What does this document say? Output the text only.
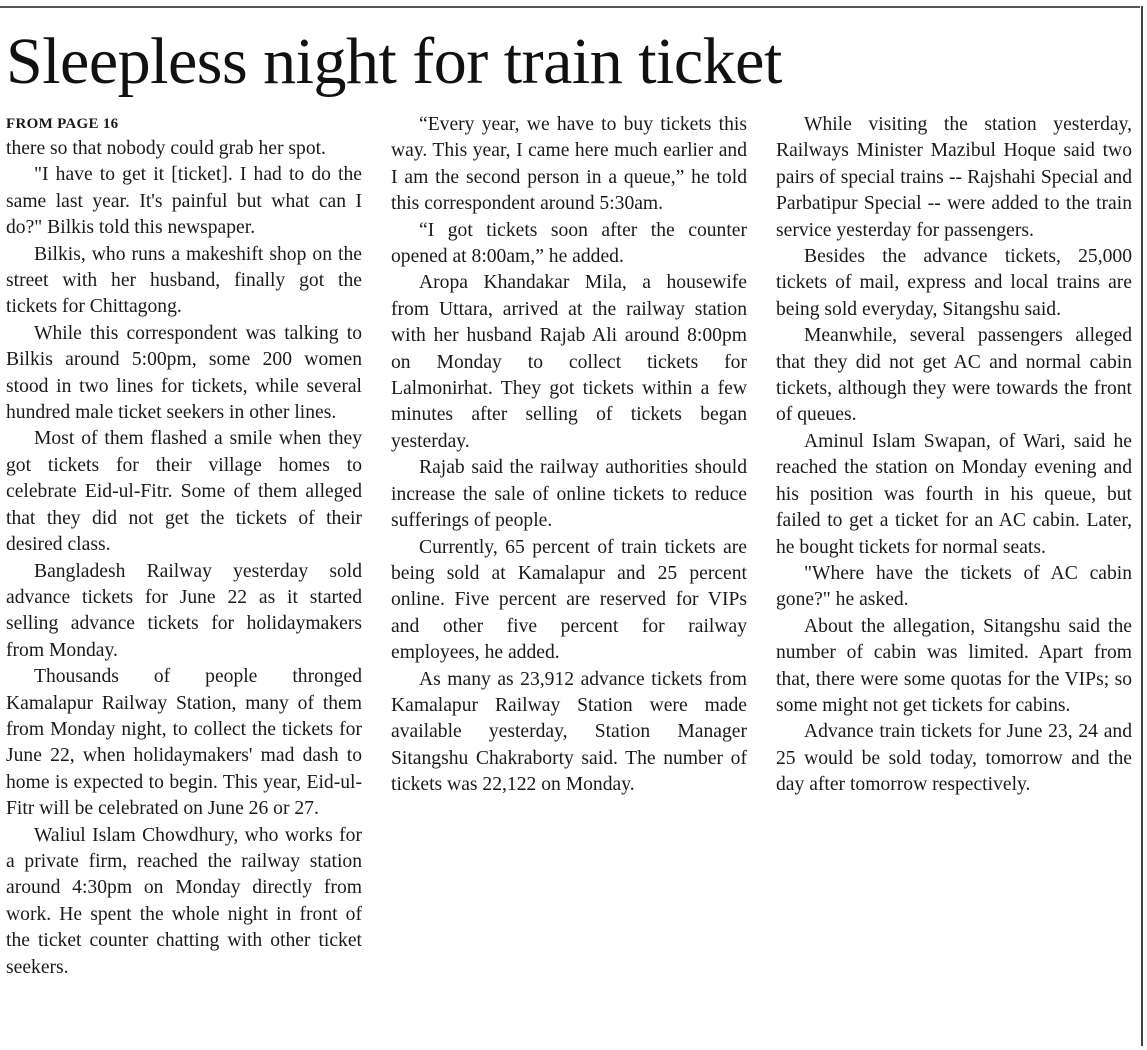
Sleepless night for train ticket
FROM PAGE 16

there so that nobody could grab her spot.

"I have to get it [ticket]. I had to do the same last year. It's painful but what can I do?" Bilkis told this newspaper.

Bilkis, who runs a makeshift shop on the street with her husband, finally got the tickets for Chittagong.

While this correspondent was talking to Bilkis around 5:00pm, some 200 women stood in two lines for tickets, while several hundred male ticket seekers in other lines.

Most of them flashed a smile when they got tickets for their village homes to celebrate Eid-ul-Fitr. Some of them alleged that they did not get the tickets of their desired class.

Bangladesh Railway yesterday sold advance tickets for June 22 as it started selling advance tickets for holidaymakers from Monday.

Thousands of people thronged Kamalapur Railway Station, many of them from Monday night, to collect the tickets for June 22, when holidaymakers' mad dash to home is expected to begin. This year, Eid-ul-Fitr will be celebrated on June 26 or 27.

Waliul Islam Chowdhury, who works for a private firm, reached the railway station around 4:30pm on Monday directly from work. He spent the whole night in front of the ticket counter chatting with other ticket seekers.

“Every year, we have to buy tickets this way. This year, I came here much earlier and I am the second person in a queue,” he told this correspondent around 5:30am.

“I got tickets soon after the counter opened at 8:00am,” he added.

Aropa Khandakar Mila, a housewife from Uttara, arrived at the railway station with her husband Rajab Ali around 8:00pm on Monday to collect tickets for Lalmonirhat. They got tickets within a few minutes after selling of tickets began yesterday.

Rajab said the railway authorities should increase the sale of online tickets to reduce sufferings of people.

Currently, 65 percent of train tickets are being sold at Kamalapur and 25 percent online. Five percent are reserved for VIPs and other five percent for railway employees, he added.

As many as 23,912 advance tickets from Kamalapur Railway Station were made available yesterday, Station Manager Sitangshu Chakraborty said. The number of tickets was 22,122 on Monday.

While visiting the station yesterday, Railways Minister Mazibul Hoque said two pairs of special trains -- Rajshahi Special and Parbatipur Special -- were added to the train service yesterday for passengers.

Besides the advance tickets, 25,000 tickets of mail, express and local trains are being sold everyday, Sitangshu said.

Meanwhile, several passengers alleged that they did not get AC and normal cabin tickets, although they were towards the front of queues.

Aminul Islam Swapan, of Wari, said he reached the station on Monday evening and his position was fourth in his queue, but failed to get a ticket for an AC cabin. Later, he bought tickets for normal seats.

"Where have the tickets of AC cabin gone?" he asked.

About the allegation, Sitangshu said the number of cabin was limited. Apart from that, there were some quotas for the VIPs; so some might not get tickets for cabins.

Advance train tickets for June 23, 24 and 25 would be sold today, tomorrow and the day after tomorrow respectively.
